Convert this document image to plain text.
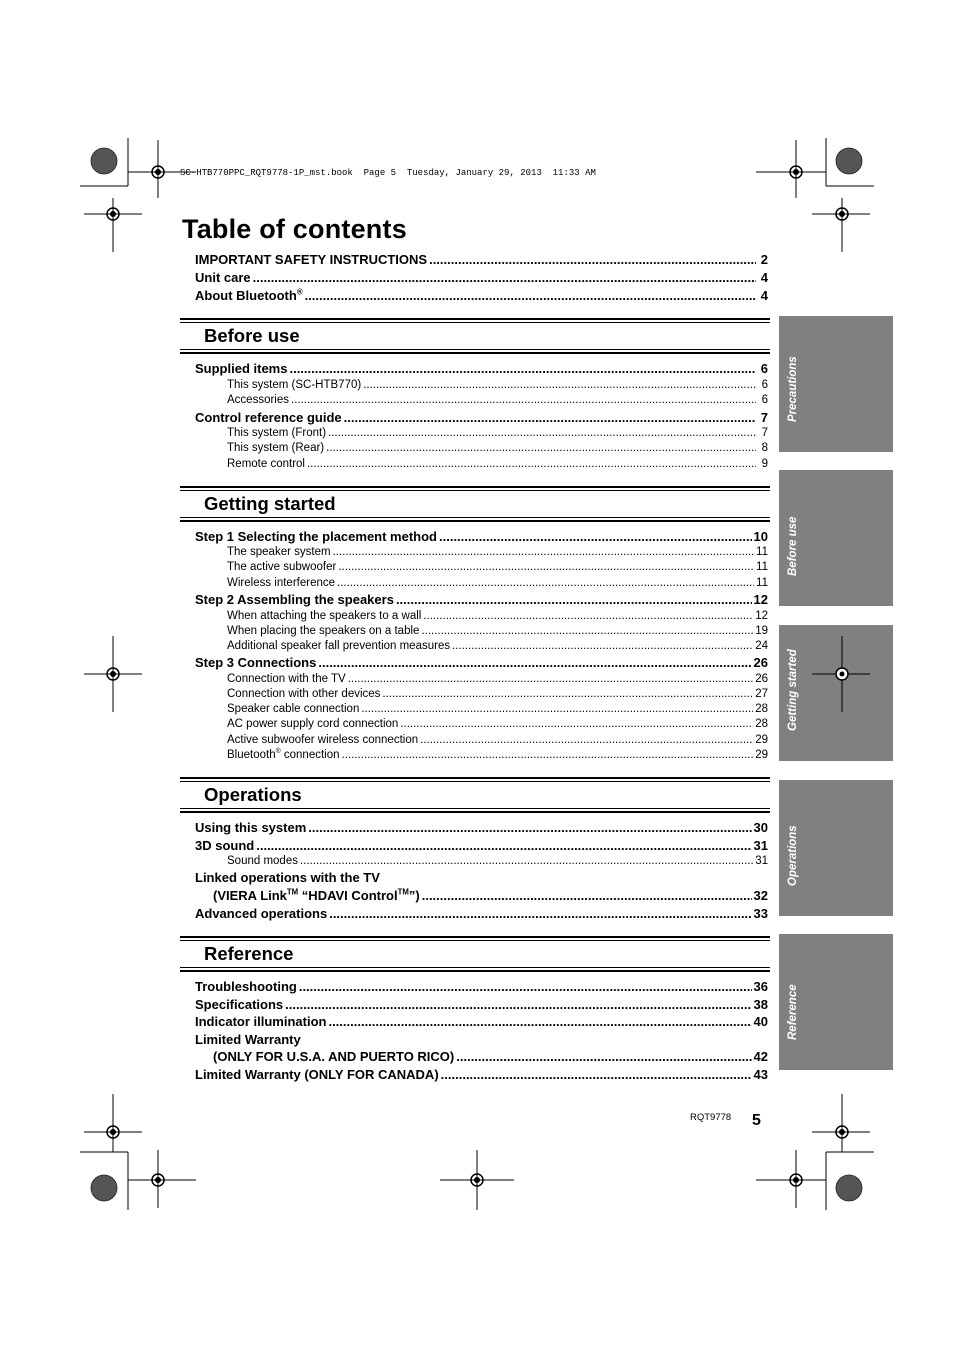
SC-HTB770PPC_RQT9778-1P_mst.book  Page 5  Tuesday, January 29, 2013  11:33 AM
Table of contents
IMPORTANT SAFETY INSTRUCTIONS .....	2
Unit care .....	4
About Bluetooth® .....	4
Before use
Supplied items .....	6
This system (SC-HTB770) .....	6
Accessories .....	6
Control reference guide .....	7
This system (Front) .....	7
This system (Rear) .....	8
Remote control .....	9
Getting started
Step 1 Selecting the placement method .....	10
The speaker system .....	11
The active subwoofer .....	11
Wireless interference .....	11
Step 2 Assembling the speakers .....	12
When attaching the speakers to a wall .....	12
When placing the speakers on a table .....	19
Additional speaker fall prevention measures .....	24
Step 3 Connections .....	26
Connection with the TV .....	26
Connection with other devices .....	27
Speaker cable connection .....	28
AC power supply cord connection .....	28
Active subwoofer wireless connection .....	29
Bluetooth® connection .....	29
Operations
Using this system .....	30
3D sound .....	31
Sound modes .....	31
Linked operations with the TV
(VIERA Link™ “HDAVI Control™”) .....	32
Advanced operations .....	33
Reference
Troubleshooting .....	36
Specifications .....	38
Indicator illumination .....	40
Limited Warranty
(ONLY FOR U.S.A. AND PUERTO RICO) .....	42
Limited Warranty (ONLY FOR CANADA) .....	43
Precautions
Before use
Getting started
Operations
Reference
RQT9778 5
